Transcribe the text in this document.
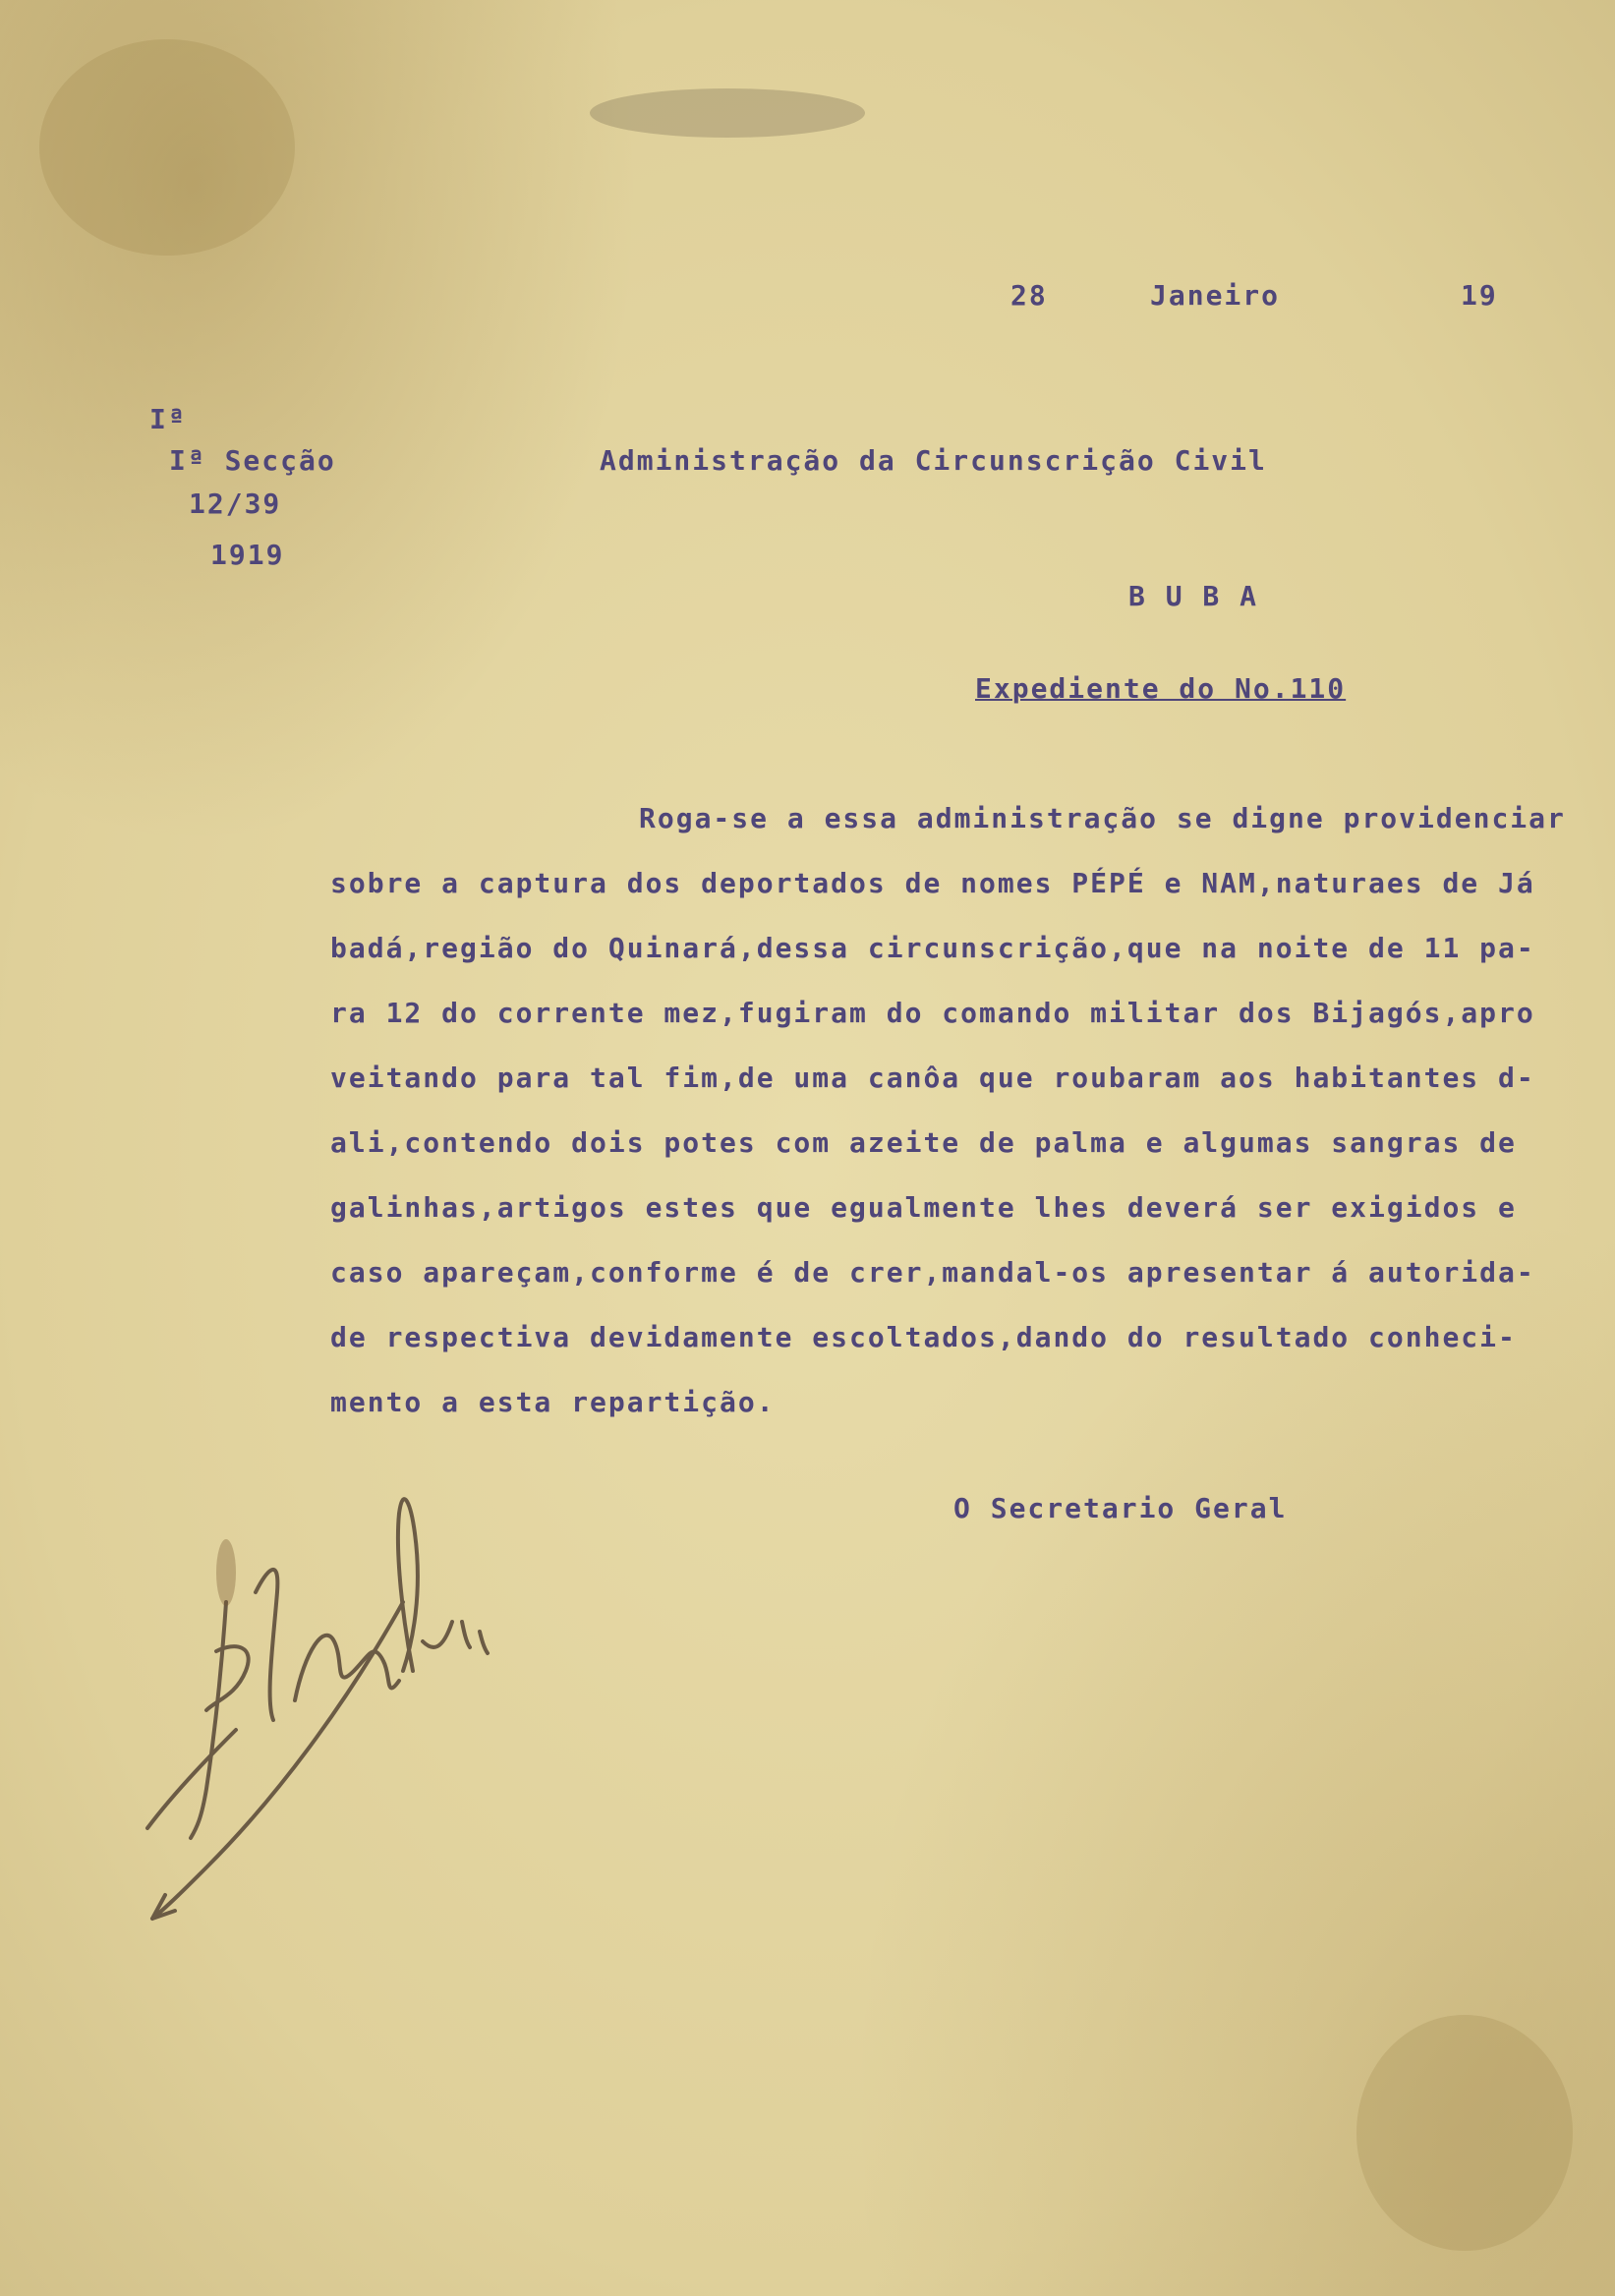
28	Janeiro	19
Iª
Iª Secção
12/39
1919
Administração da Circunscrição Civil
B U B A
Expediente do No.110
Roga-se a essa administração se digne providenciar
sobre a captura dos deportados de nomes PÉPÉ e NAM,naturaes de Já
badá,região do Quinará,dessa circunscrição,que na noite de 11 pa-
ra 12 do corrente mez,fugiram do comando militar dos Bijagós,apro
veitando para tal fim,de uma canôa que roubaram aos habitantes d-
ali,contendo dois potes com azeite de palma e algumas sangras de
galinhas,artigos estes que egualmente lhes deverá ser exigidos e
caso apareçam,conforme é de crer,mandal-os apresentar á autorida-
de respectiva devidamente escoltados,dando do resultado conheci-
mento a esta repartição.
O Secretario Geral
